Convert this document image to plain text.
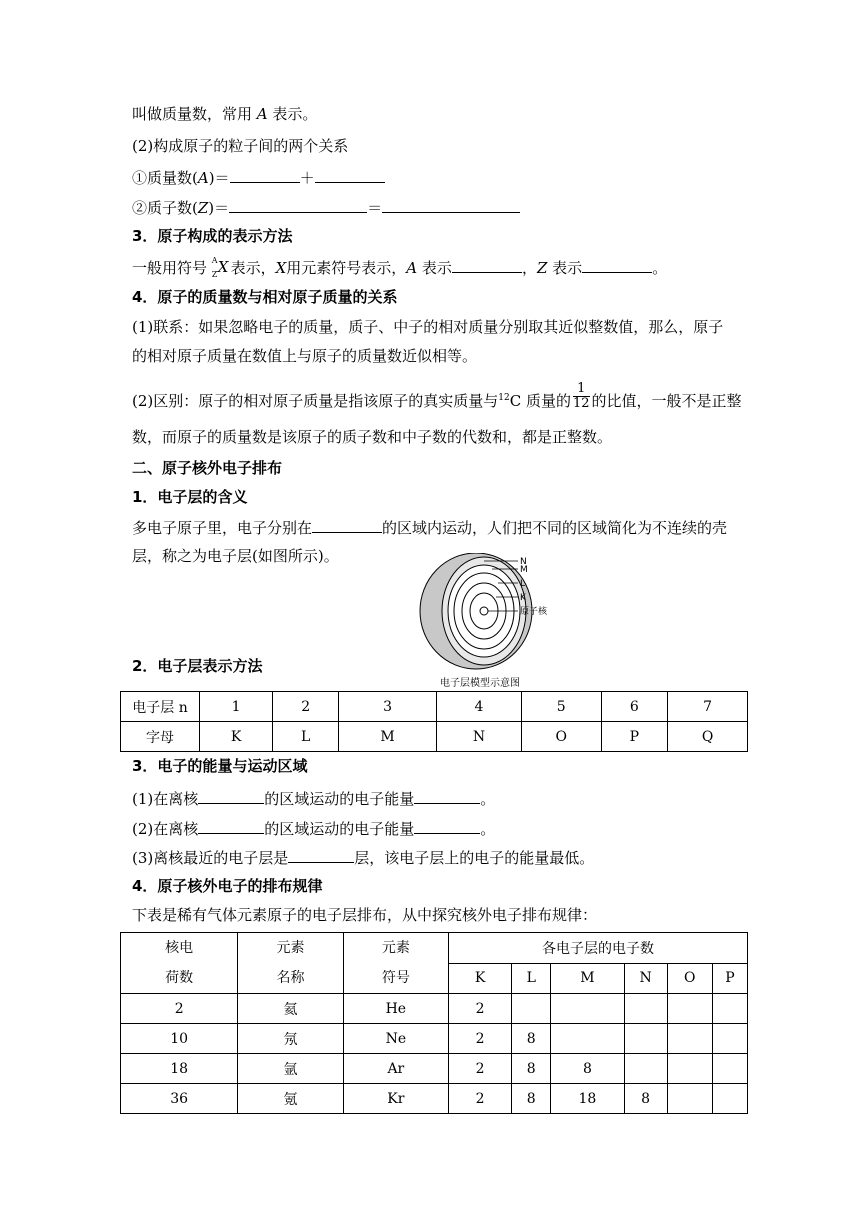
叫做质量数，常用 A 表示。
(2)构成原子的粒子间的两个关系
①质量数(A)＝	＋
②质子数(Z)＝	＝
3．原子构成的表示方法
一般用符号 A
Z X 表示，X用元素符号表示，A 表示	，Z 表示	。
4．原子的质量数与相对原子质量的关系
(1)联系：如果忽略电子的质量，质子、中子的相对质量分别取其近似整数值，那么，原子
的相对原子质量在数值上与原子的质量数近似相等。
(2)区别：原子的相对原子质量是指该原子的真实质量与$^{12}$C 质量的 $\frac{1}{12}$ 的比值，一般不是正整
数，而原子的质量数是该原子的质子数和中子数的代数和，都是正整数。
二、原子核外电子排布
1．电子层的含义
多电子原子里，电子分别在	的区域内运动，人们把不同的区域简化为不连续的壳
层，称之为电子层(如图所示)。	N
M
L
K
原子核
电子层模型示意图
2．电子层表示方法
电子层 n	1	2	3	4	5	6	7
字母	K	L	M	N	O	P	Q
3．电子的能量与运动区域
(1)在离核	的区域运动的电子能量	。
(2)在离核	的区域运动的电子能量	。
(3)离核最近的电子层是	层，该电子层上的电子的能量最低。
4．原子核外电子的排布规律
下表是稀有气体元素原子的电子层排布，从中探究核外电子排布规律：
核电
荷数	元素
名称	元素
符号	各电子层的电子数					
			K	L	M	N	O	P
2	氦	He	2					
10	氖	Ne	2	8				
18	氩	Ar	2	8	8			
36	氪	Kr	2	8	18	8		
